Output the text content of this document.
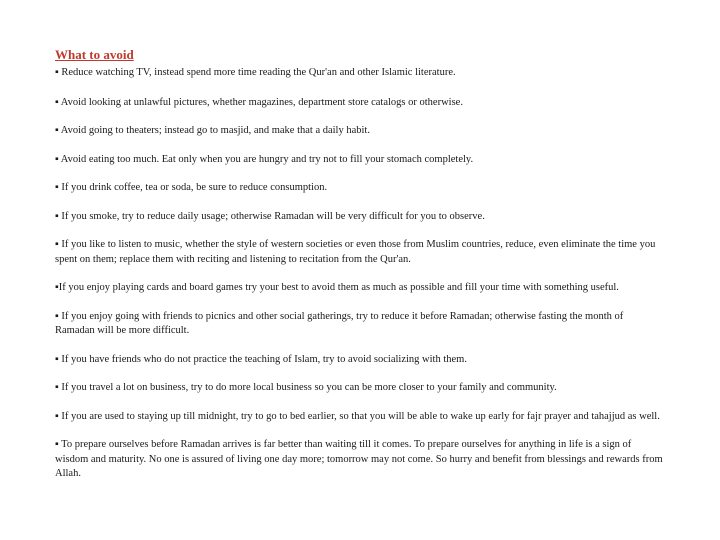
What to avoid
▪ Reduce watching TV, instead spend more time reading the Qur'an and other Islamic literature.
▪ Avoid looking at unlawful pictures, whether magazines, department store catalogs or otherwise.
▪ Avoid going to theaters; instead go to masjid, and make that a daily habit.
▪ Avoid eating too much. Eat only when you are hungry and try not to fill your stomach completely.
▪ If you drink coffee, tea or soda, be sure to reduce consumption.
▪ If you smoke, try to reduce daily usage; otherwise Ramadan will be very difficult for you to observe.
▪ If you like to listen to music, whether the style of western societies or even those from Muslim countries, reduce, even eliminate the time you spent on them; replace them with reciting and listening to recitation from the Qur'an.
▪If you enjoy playing cards and board games try your best to avoid them as much as possible and fill your time with something useful.
▪ If you enjoy going with friends to picnics and other social gatherings, try to reduce it before Ramadan; otherwise fasting the month of Ramadan will be more difficult.
▪ If you have friends who do not practice the teaching of Islam, try to avoid socializing with them.
▪ If you travel a lot on business, try to do more local business so you can be more closer to your family and community.
▪ If you are used to staying up till midnight, try to go to bed earlier, so that you will be able to wake up early for fajr prayer and tahajjud as well.
▪ To prepare ourselves before Ramadan arrives is far better than waiting till it comes. To prepare ourselves for anything in life is a sign of wisdom and maturity. No one is assured of living one day more; tomorrow may not come. So hurry and benefit from blessings and rewards from Allah.
